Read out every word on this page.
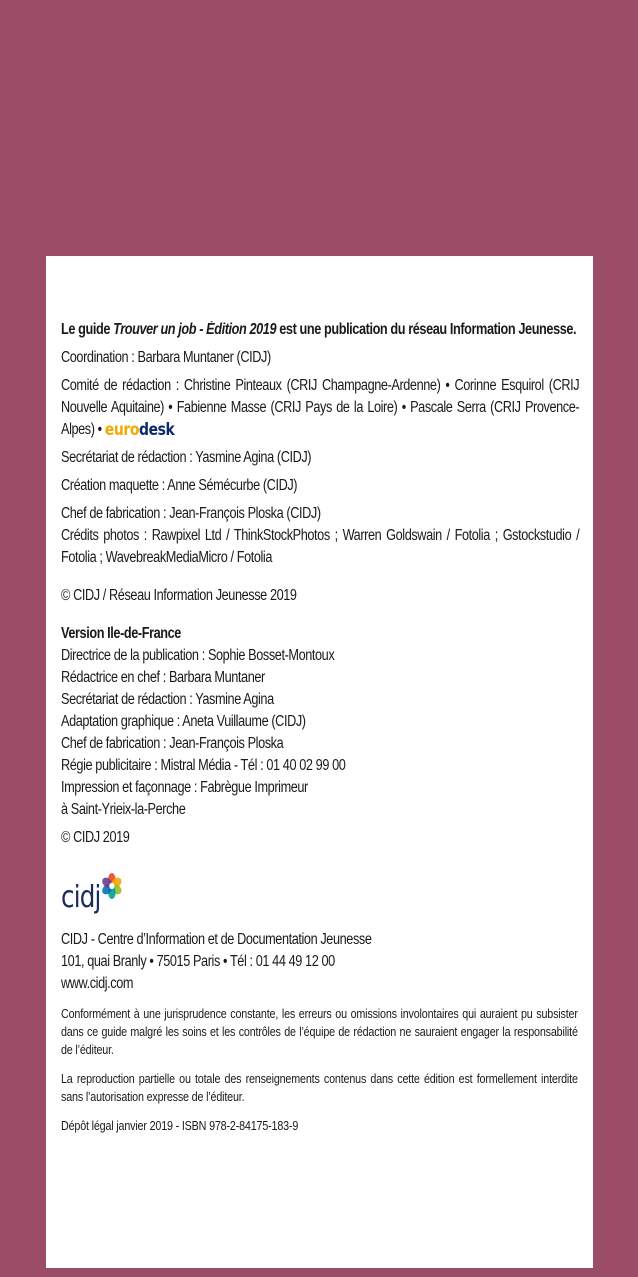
Le guide Trouver un job - Édition 2019 est une publication du réseau Information Jeunesse.

Coordination : Barbara Muntaner (CIDJ)

Comité de rédaction : Christine Pinteaux (CRIJ Champagne-Ardenne) • Corinne Esquirol (CRIJ Nouvelle Aquitaine) • Fabienne Masse (CRIJ Pays de la Loire) • Pascale Serra (CRIJ Provence-Alpes) • eurodesk

Secrétariat de rédaction : Yasmine Agina (CIDJ)

Création maquette : Anne Sémécurbe (CIDJ)

Chef de fabrication : Jean-François Ploska (CIDJ)

Crédits photos : Rawpixel Ltd / ThinkStockPhotos ; Warren Goldswain / Fotolia ; Gstockstudio / Fotolia ; WavebreakMediaMicro / Fotolia

© CIDJ / Réseau Information Jeunesse 2019

Version Ile-de-France

Directrice de la publication : Sophie Bosset-Montoux

Rédactrice en chef : Barbara Muntaner

Secrétariat de rédaction : Yasmine Agina

Adaptation graphique : Aneta Vuillaume (CIDJ)

Chef de fabrication : Jean-François Ploska

Régie publicitaire : Mistral Média - Tél : 01 40 02 99 00

Impression et façonnage : Fabrègue Imprimeur

à Saint-Yrieix-la-Perche

© CIDJ 2019

cidj

CIDJ - Centre d’Information et de Documentation Jeunesse

101, quai Branly • 75015 Paris • Tél : 01 44 49 12 00

www.cidj.com

Conformément à une jurisprudence constante, les erreurs ou omissions involontaires qui auraient pu subsister dans ce guide malgré les soins et les contrôles de l’équipe de rédaction ne sauraient engager la responsabilité de l’éditeur.

La reproduction partielle ou totale des renseignements contenus dans cette édition est formellement interdite sans l’autorisation expresse de l’éditeur.

Dépôt légal janvier 2019 - ISBN 978-2-84175-183-9
